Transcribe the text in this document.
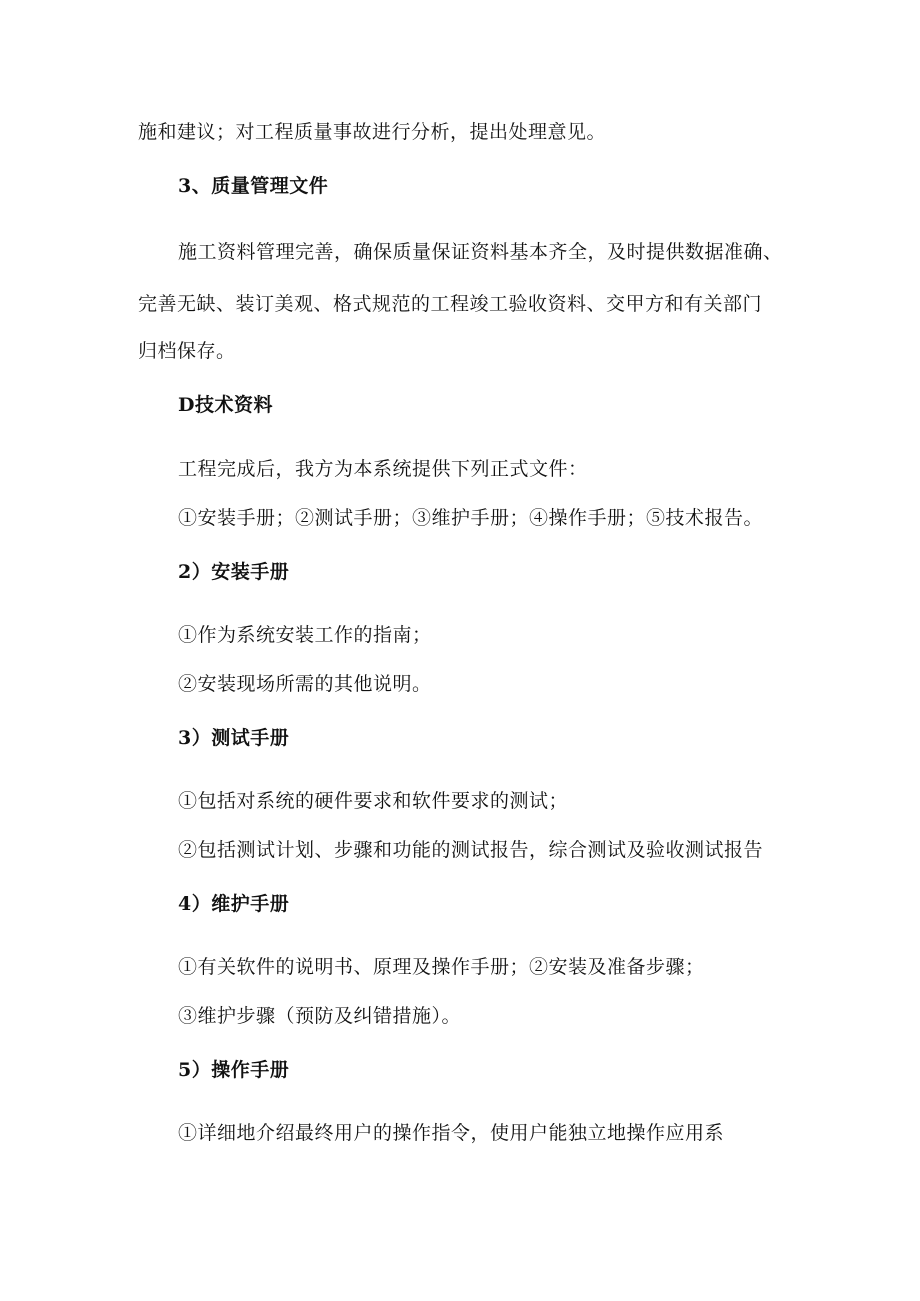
施和建议；对工程质量事故进行分析，提出处理意见。
3、质量管理文件
施工资料管理完善，确保质量保证资料基本齐全，及时提供数据准确、
完善无缺、装订美观、格式规范的工程竣工验收资料、交甲方和有关部门
归档保存。
D技术资料
工程完成后，我方为本系统提供下列正式文件：
①安装手册；②测试手册；③维护手册；④操作手册；⑤技术报告。
2）安装手册
①作为系统安装工作的指南；
②安装现场所需的其他说明。
3）测试手册
①包括对系统的硬件要求和软件要求的测试；
②包括测试计划、步骤和功能的测试报告，综合测试及验收测试报告
4）维护手册
①有关软件的说明书、原理及操作手册；②安装及准备步骤；
③维护步骤（预防及纠错措施）。
5）操作手册
①详细地介绍最终用户的操作指令，使用户能独立地操作应用系
